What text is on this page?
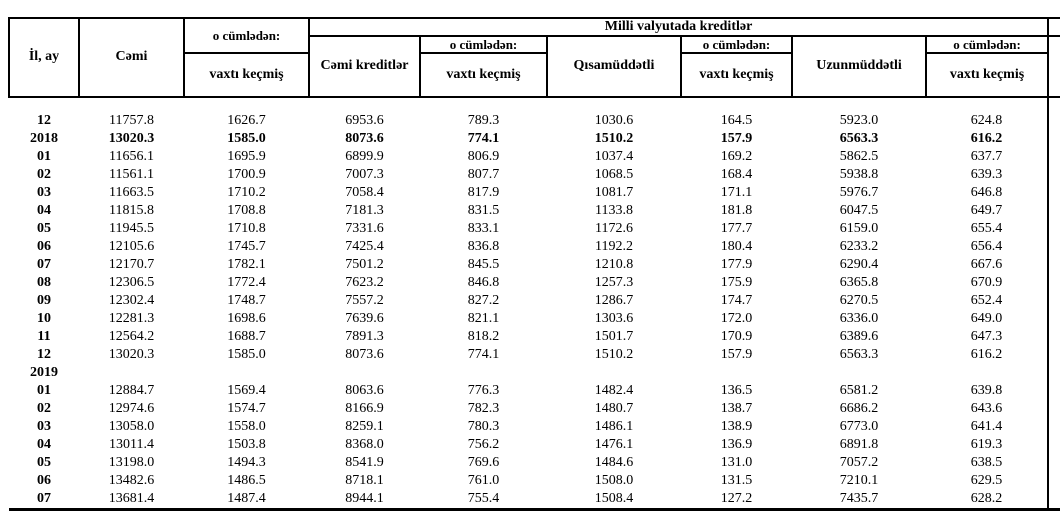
İl, ay	Cəmi	o cümlədən:	Milli valyutada kreditlər						
			Cəmi kreditlər	o cümlədən:	Qısamüddətli	o cümlədən:	Uzunmüddətli	o cümlədən:	
		vaxtı keçmiş		vaxtı keçmiş		vaxtı keçmiş		vaxtı keçmiş	

12	11757.8	1626.7	6953.6	789.3	1030.6	164.5	5923.0	624.8	
2018	13020.3	1585.0	8073.6	774.1	1510.2	157.9	6563.3	616.2	
01	11656.1	1695.9	6899.9	806.9	1037.4	169.2	5862.5	637.7	
02	11561.1	1700.9	7007.3	807.7	1068.5	168.4	5938.8	639.3	
03	11663.5	1710.2	7058.4	817.9	1081.7	171.1	5976.7	646.8	
04	11815.8	1708.8	7181.3	831.5	1133.8	181.8	6047.5	649.7	
05	11945.5	1710.8	7331.6	833.1	1172.6	177.7	6159.0	655.4	
06	12105.6	1745.7	7425.4	836.8	1192.2	180.4	6233.2	656.4	
07	12170.7	1782.1	7501.2	845.5	1210.8	177.9	6290.4	667.6	
08	12306.5	1772.4	7623.2	846.8	1257.3	175.9	6365.8	670.9	
09	12302.4	1748.7	7557.2	827.2	1286.7	174.7	6270.5	652.4	
10	12281.3	1698.6	7639.6	821.1	1303.6	172.0	6336.0	649.0	
11	12564.2	1688.7	7891.3	818.2	1501.7	170.9	6389.6	647.3	
12	13020.3	1585.0	8073.6	774.1	1510.2	157.9	6563.3	616.2	
2019									
01	12884.7	1569.4	8063.6	776.3	1482.4	136.5	6581.2	639.8	
02	12974.6	1574.7	8166.9	782.3	1480.7	138.7	6686.2	643.6	
03	13058.0	1558.0	8259.1	780.3	1486.1	138.9	6773.0	641.4	
04	13011.4	1503.8	8368.0	756.2	1476.1	136.9	6891.8	619.3	
05	13198.0	1494.3	8541.9	769.6	1484.6	131.0	7057.2	638.5	
06	13482.6	1486.5	8718.1	761.0	1508.0	131.5	7210.1	629.5	
07	13681.4	1487.4	8944.1	755.4	1508.4	127.2	7435.7	628.2	
